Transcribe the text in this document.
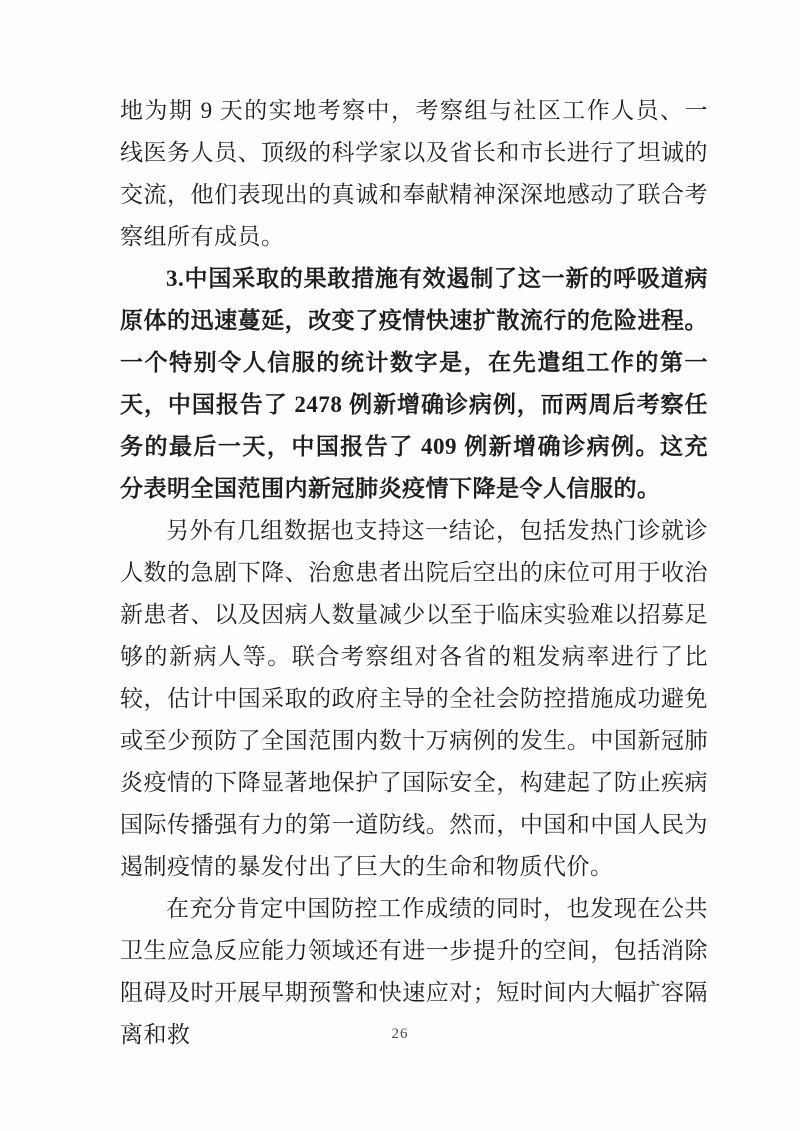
地为期 9 天的实地考察中，考察组与社区工作人员、一线医务人员、顶级的科学家以及省长和市长进行了坦诚的交流，他们表现出的真诚和奉献精神深深地感动了联合考察组所有成员。

3.中国采取的果敢措施有效遏制了这一新的呼吸道病原体的迅速蔓延，改变了疫情快速扩散流行的危险进程。一个特别令人信服的统计数字是，在先遣组工作的第一天，中国报告了 2478 例新增确诊病例，而两周后考察任务的最后一天，中国报告了 409 例新增确诊病例。这充分表明全国范围内新冠肺炎疫情下降是令人信服的。

另外有几组数据也支持这一结论，包括发热门诊就诊人数的急剧下降、治愈患者出院后空出的床位可用于收治新患者、以及因病人数量减少以至于临床实验难以招募足够的新病人等。联合考察组对各省的粗发病率进行了比较，估计中国采取的政府主导的全社会防控措施成功避免或至少预防了全国范围内数十万病例的发生。中国新冠肺炎疫情的下降显著地保护了国际安全，构建起了防止疾病国际传播强有力的第一道防线。然而，中国和中国人民为遏制疫情的暴发付出了巨大的生命和物质代价。

在充分肯定中国防控工作成绩的同时，也发现在公共卫生应急反应能力领域还有进一步提升的空间，包括消除阻碍及时开展早期预警和快速应对；短时间内大幅扩容隔离和救	26
